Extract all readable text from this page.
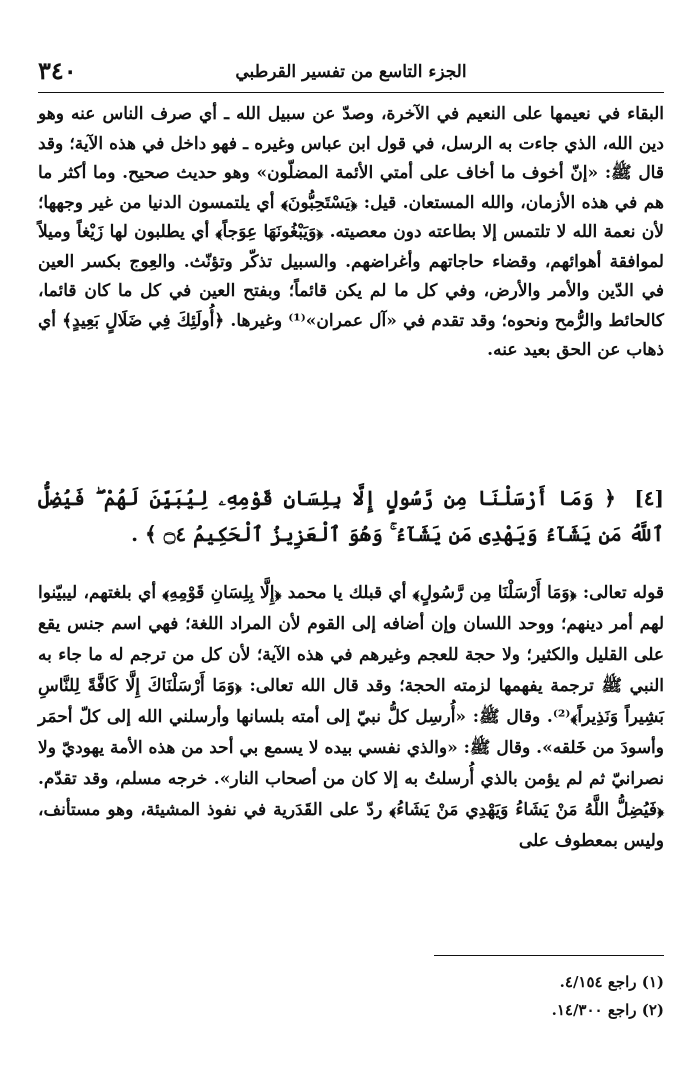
٣٤٠	الجزء التاسع من تفسير القرطبي

البقاء في نعيمها على النعيم في الآخرة، وصدّ عن سبيل الله ـ أي صرف الناس عنه وهو دين الله، الذي جاءت به الرسل، في قول ابن عباس وغيره ـ فهو داخل في هذه الآية؛ وقد قال ﷺ: «إنّ أخوف ما أخاف على أمتي الأئمة المضلّون» وهو حديث صحيح. وما أكثر ما هم في هذه الأزمان، والله المستعان. قيل: ﴿يَسْتَحِبُّونَ﴾ أي يلتمسون الدنيا من غير وجهها؛ لأن نعمة الله لا تلتمس إلا بطاعته دون معصيته. ﴿وَيَبْغُونَهَا عِوَجاً﴾ أي يطلبون لها زَيْغاً وميلاً لموافقة أهوائهم، وقضاء حاجاتهم وأغراضهم. والسبيل تذكّر وتؤنّث. والعِوج بكسر العين في الدّين والأمر والأرض، وفي كل ما لم يكن قائماً؛ وبفتح العين في كل ما كان قائما، كالحائط والرُّمح ونحوه؛ وقد تقدم في «آل عمران»⁽¹⁾ وغيرها. ﴿أُولَئِكَ فِي ضَلَالٍ بَعِيدٍ﴾ أي ذهاب عن الحق بعيد عنه.

[٤] ﴿ وَمَا أَرْسَلْنَا مِن رَّسُولٍ إِلَّا بِلِسَانِ قَوْمِهِۦ لِيُبَيِّنَ لَهُمْ ۖ فَيُضِلُّ ٱللَّهُ مَن يَشَآءُ وَيَهْدِى مَن يَشَآءُ ۚ وَهُوَ ٱلْعَزِيزُ ٱلْحَكِيمُ ۝٤ ﴾ .

قوله تعالى: ﴿وَمَا أَرْسَلْنَا مِن رَّسُولٍ﴾ أي قبلك يا محمد ﴿إِلَّا بِلِسَانِ قَوْمِهِ﴾ أي بلغتهم، ليبيّنوا لهم أمر دينهم؛ ووحد اللسان وإن أضافه إلى القوم لأن المراد اللغة؛ فهي اسم جنس يقع على القليل والكثير؛ ولا حجة للعجم وغيرهم في هذه الآية؛ لأن كل من ترجم له ما جاء به النبي ﷺ ترجمة يفهمها لزمته الحجة؛ وقد قال الله تعالى: ﴿وَمَا أَرْسَلْنَاكَ إِلَّا كَافَّةً لِلنَّاسِ بَشِيراً وَنَذِيراً﴾⁽²⁾. وقال ﷺ: «أُرسِل كلُّ نبيّ إلى أمته بلسانها وأرسلني الله إلى كلّ أحمَر وأسودَ من خَلقه». وقال ﷺ: «والذي نفسي بيده لا يسمع بي أحد من هذه الأمة يهوديّ ولا نصرانيّ ثم لم يؤمن بالذي أُرسلتُ به إلا كان من أصحاب النار». خرجه مسلم، وقد تقدّم. ﴿فَيُضِلُّ اللَّهُ مَنْ يَشَاءُ وَيَهْدِي مَنْ يَشَاءُ﴾ ردّ على القَدَرية في نفوذ المشيئة، وهو مستأنف، وليس بمعطوف على

(١) راجع ٤/١٥٤.
(٢) راجع ١٤/٣٠٠.
